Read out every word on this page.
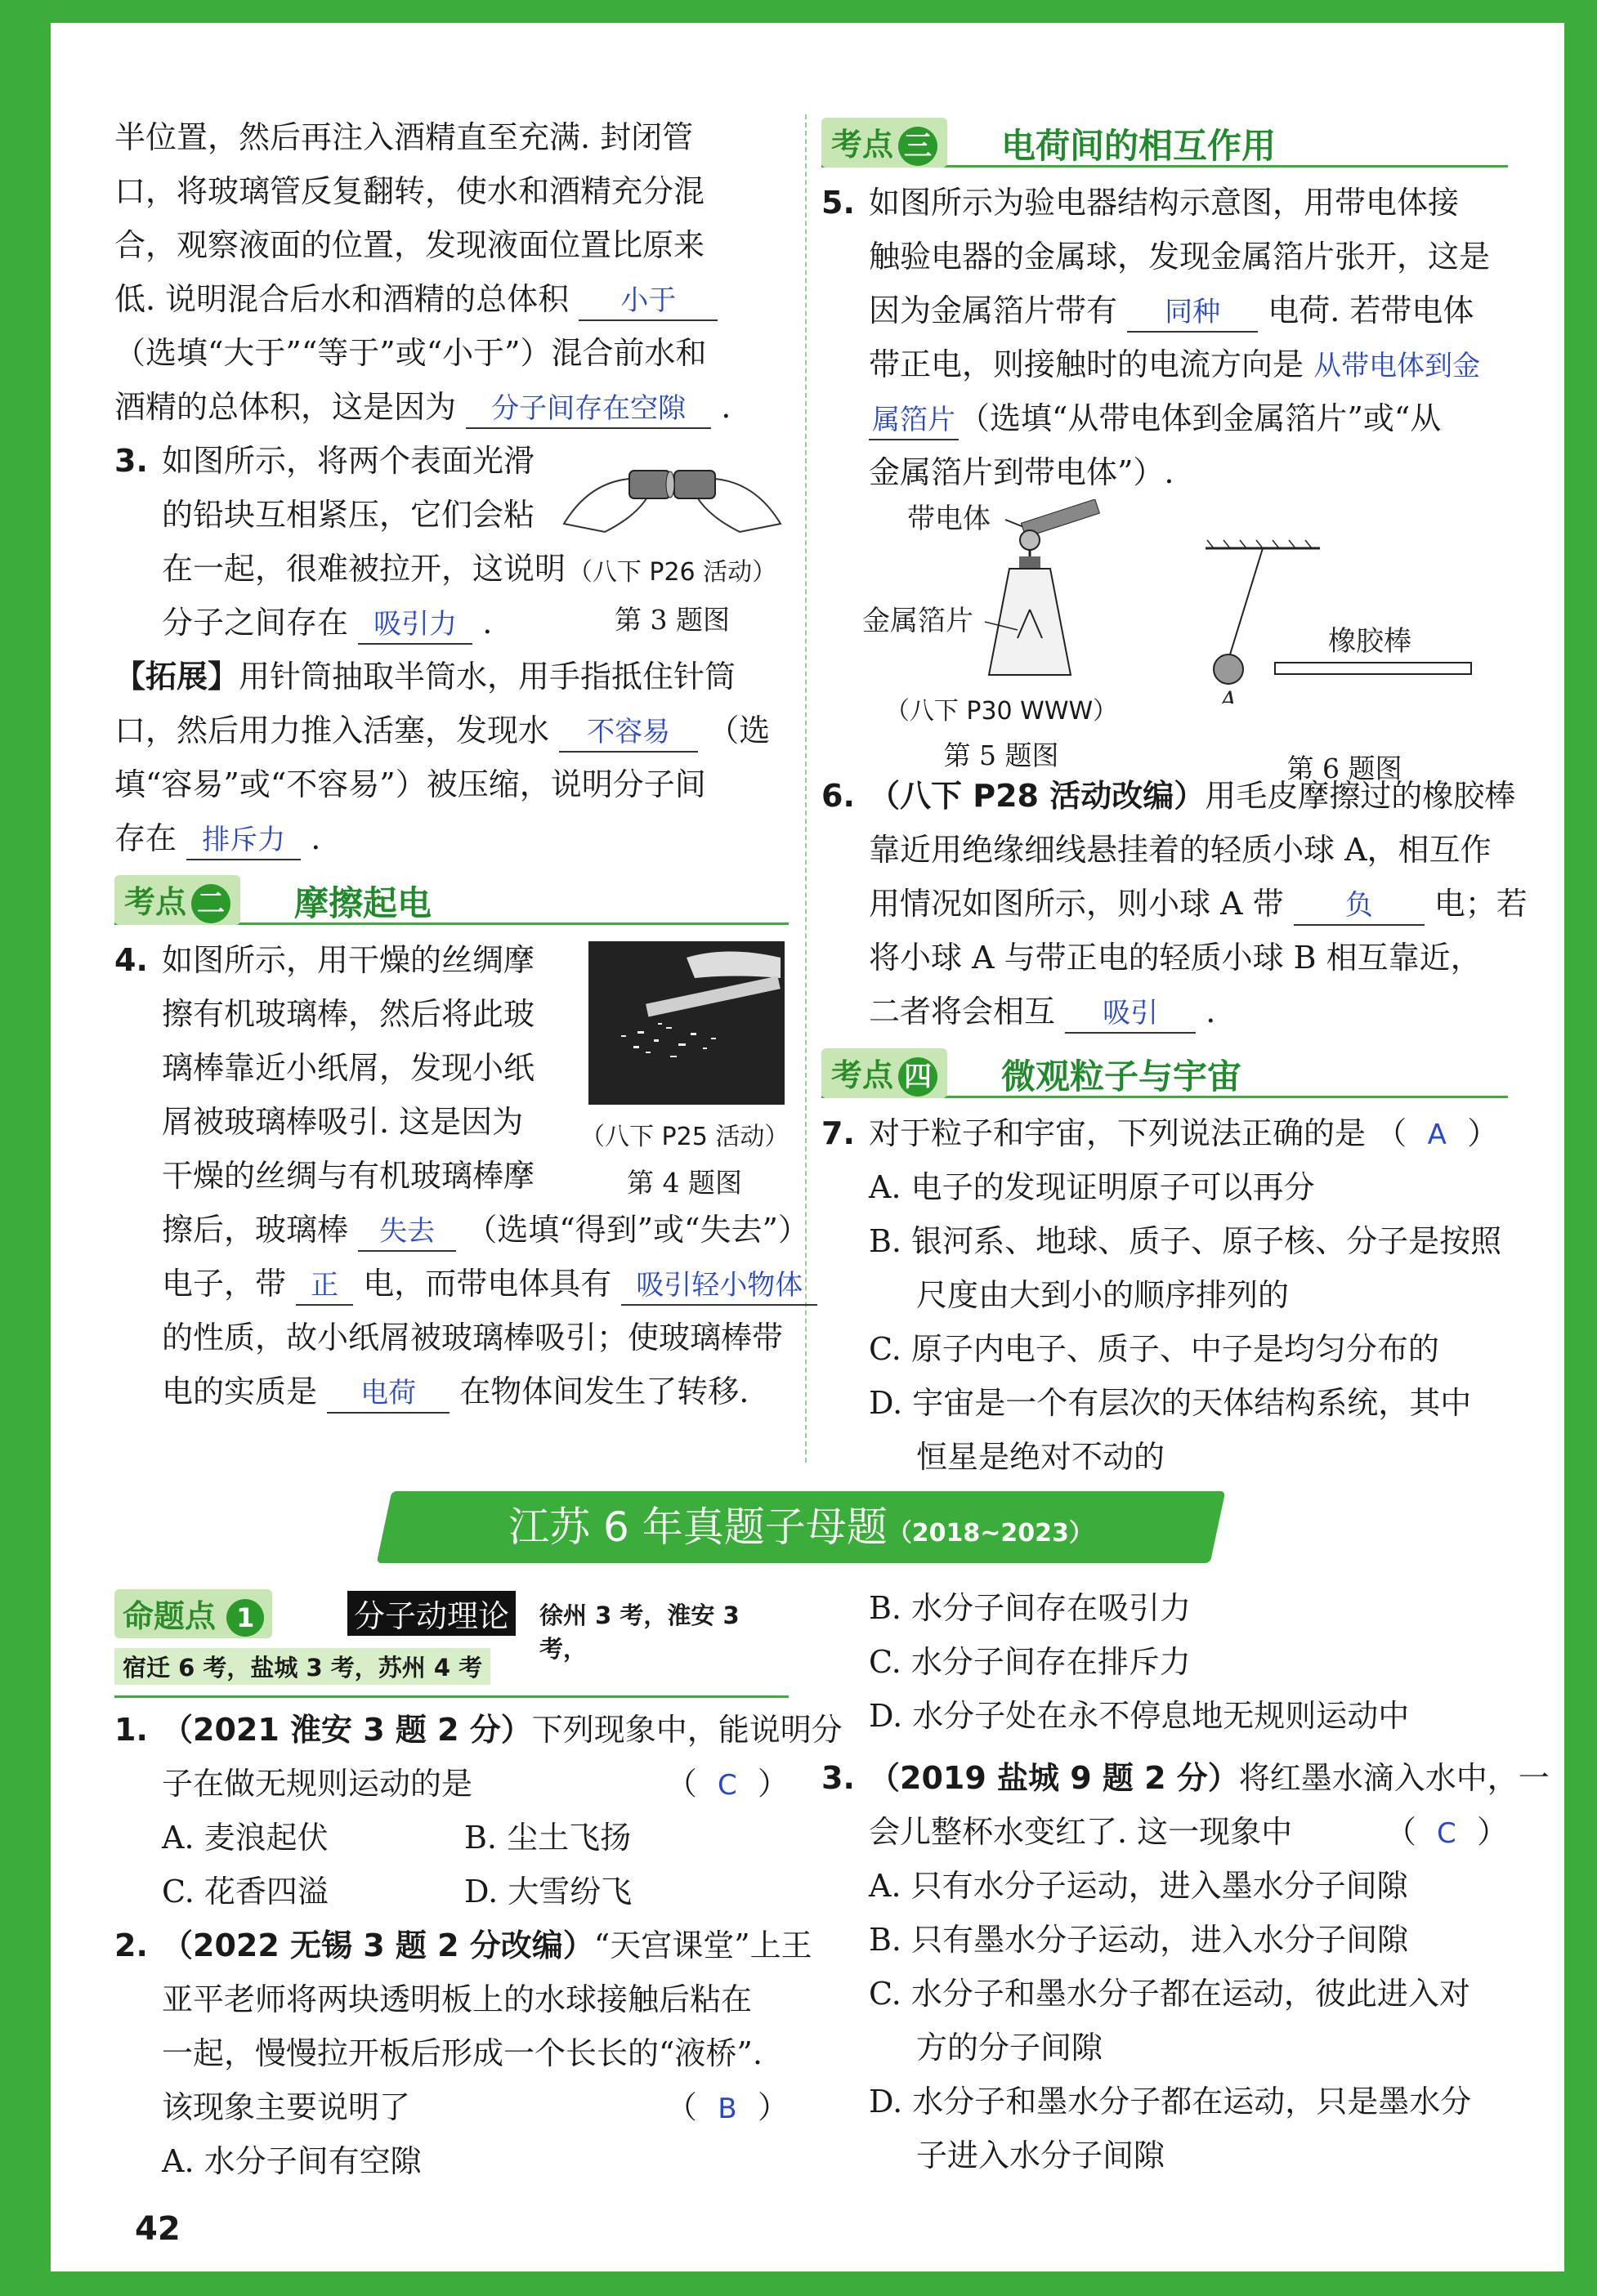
半位置，然后再注入酒精直至充满. 封闭管
口，将玻璃管反复翻转，使水和酒精充分混
合，观察液面的位置，发现液面位置比原来
低. 说明混合后水和酒精的总体积 小于
（选填“大于”“等于”或“小于”）混合前水和
酒精的总体积，这是因为 分子间存在空隙 .
3. 如图所示，将两个表面光滑
的铅块互相紧压，它们会粘
在一起，很难被拉开，这说明
分子之间存在 吸引力 .
（八下 P26 活动）
第 3 题图
【拓展】用针筒抽取半筒水，用手指抵住针筒
口，然后用力推入活塞，发现水 不容易 （选
填“容易”或“不容易”）被压缩，说明分子间
存在 排斥力 .
考点 二	摩擦起电
4. 如图所示，用干燥的丝绸摩
擦有机玻璃棒，然后将此玻
璃棒靠近小纸屑，发现小纸
屑被玻璃棒吸引. 这是因为
干燥的丝绸与有机玻璃棒摩
擦后，玻璃棒 失去 （选填“得到”或“失去”）
电子，带 正 电，而带电体具有 吸引轻小物体
的性质，故小纸屑被玻璃棒吸引；使玻璃棒带
电的实质是 电荷 在物体间发生了转移.
（八下 P25 活动）
第 4 题图
考点 三	电荷间的相互作用
5. 如图所示为验电器结构示意图，用带电体接
触验电器的金属球，发现金属箔片张开，这是
因为金属箔片带有 同种 电荷. 若带电体
带正电，则接触时的电流方向是 从带电体到金
属箔片 （选填“从带电体到金属箔片”或“从
金属箔片到带电体”）.
带电体
金属箔片
（八下 P30 WWW）
第 5 题图
A
橡胶棒
第 6 题图
6. （八下 P28 活动改编）用毛皮摩擦过的橡胶棒
靠近用绝缘细线悬挂着的轻质小球 A，相互作
用情况如图所示，则小球 A 带 负 电；若
将小球 A 与带正电的轻质小球 B 相互靠近，
二者将会相互 吸引 .
考点 四	微观粒子与宇宙
7. 对于粒子和宇宙，下列说法正确的是 （ A ）
A. 电子的发现证明原子可以再分
B. 银河系、地球、质子、原子核、分子是按照
尺度由大到小的顺序排列的
C. 原子内电子、质子、中子是均匀分布的
D. 宇宙是一个有层次的天体结构系统，其中
恒星是绝对不动的
江苏 6 年真题子母题（2018~2023）
命题点 1	分子动理论 徐州 3 考，淮安 3 考，
宿迁 6 考，盐城 3 考，苏州 4 考
1. （2021 淮安 3 题 2 分）下列现象中，能说明分
子在做无规则运动的是	（ C ）
A. 麦浪起伏	B. 尘土飞扬
C. 花香四溢	D. 大雪纷飞
2. （2022 无锡 3 题 2 分改编）“天宫课堂”上王
亚平老师将两块透明板上的水球接触后粘在
一起，慢慢拉开板后形成一个长长的“液桥”.
该现象主要说明了	（ B ）
A. 水分子间有空隙
B. 水分子间存在吸引力
C. 水分子间存在排斥力
D. 水分子处在永不停息地无规则运动中
3. （2019 盐城 9 题 2 分）将红墨水滴入水中，一
会儿整杯水变红了. 这一现象中	（ C ）
A. 只有水分子运动，进入墨水分子间隙
B. 只有墨水分子运动，进入水分子间隙
C. 水分子和墨水分子都在运动，彼此进入对
方的分子间隙
D. 水分子和墨水分子都在运动，只是墨水分
子进入水分子间隙
42
